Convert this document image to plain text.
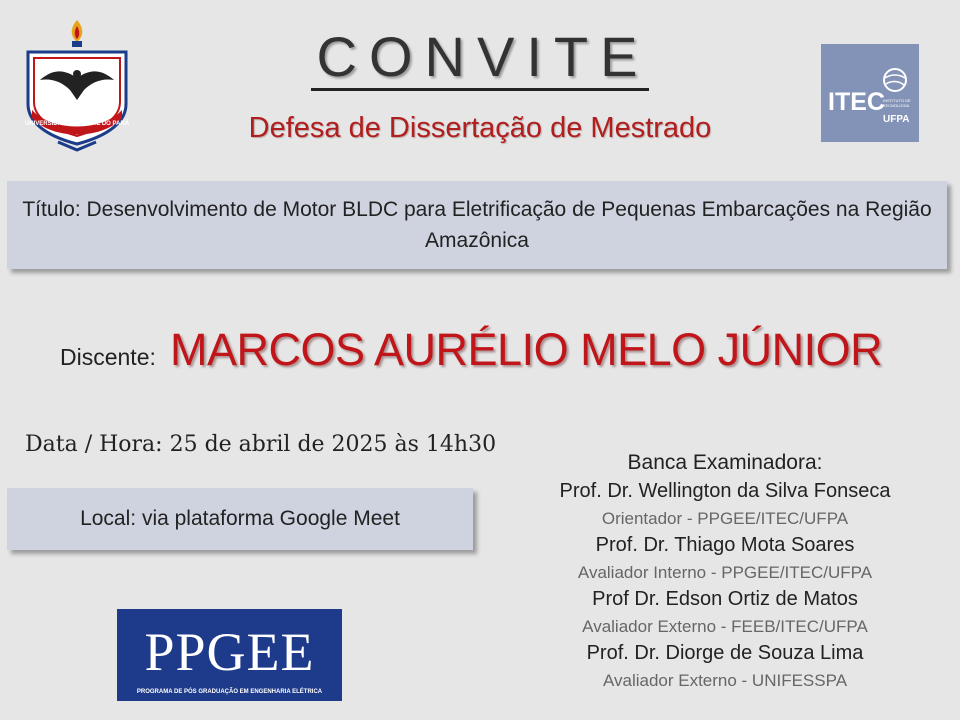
UNIVERSIDADE FEDERAL DO PARÁ
ITEC
INSTITUTO DE TECNOLOGIA
UFPA
CONVITE
Defesa de Dissertação de Mestrado
Título: Desenvolvimento de Motor BLDC para Eletrificação de Pequenas Embarcações na Região Amazônica
Discente: MARCOS AURÉLIO MELO JÚNIOR
Data / Hora: 25 de abril de 2025 às 14h30
Local:
via plataforma Google Meet
PPGEE
PROGRAMA DE PÓS GRADUAÇÃO EM ENGENHARIA ELÉTRICA
Banca Examinadora:
Prof. Dr. Wellington da Silva Fonseca
Orientador - PPGEE/ITEC/UFPA
Prof. Dr. Thiago Mota Soares
Avaliador Interno - PPGEE/ITEC/UFPA
Prof Dr. Edson Ortiz de Matos
Avaliador Externo - FEEB/ITEC/UFPA
Prof. Dr. Diorge de Souza Lima
Avaliador Externo - UNIFESSPA
